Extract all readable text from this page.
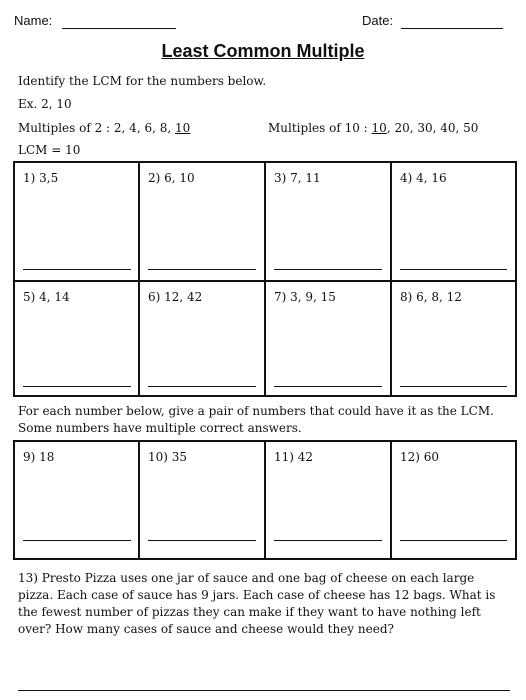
Name:	Date:
Least Common Multiple
Identify the LCM for the numbers below.
Ex. 2, 10
Multiples of 2 : 2, 4, 6, 8, 10	Multiples of 10 : 10, 20, 30, 40, 50
LCM = 10
1) 3,5	2) 6, 10	3) 7, 11	4) 4, 16
5) 4, 14	6) 12, 42	7) 3, 9, 15	8) 6, 8, 12
For each number below, give a pair of numbers that could have it as the LCM. Some numbers have multiple correct answers.
9) 18	10) 35	11) 42	12) 60
13) Presto Pizza uses one jar of sauce and one bag of cheese on each large pizza. Each case of sauce has 9 jars. Each case of cheese has 12 bags. What is the fewest number of pizzas they can make if they want to have nothing left over? How many cases of sauce and cheese would they need?
